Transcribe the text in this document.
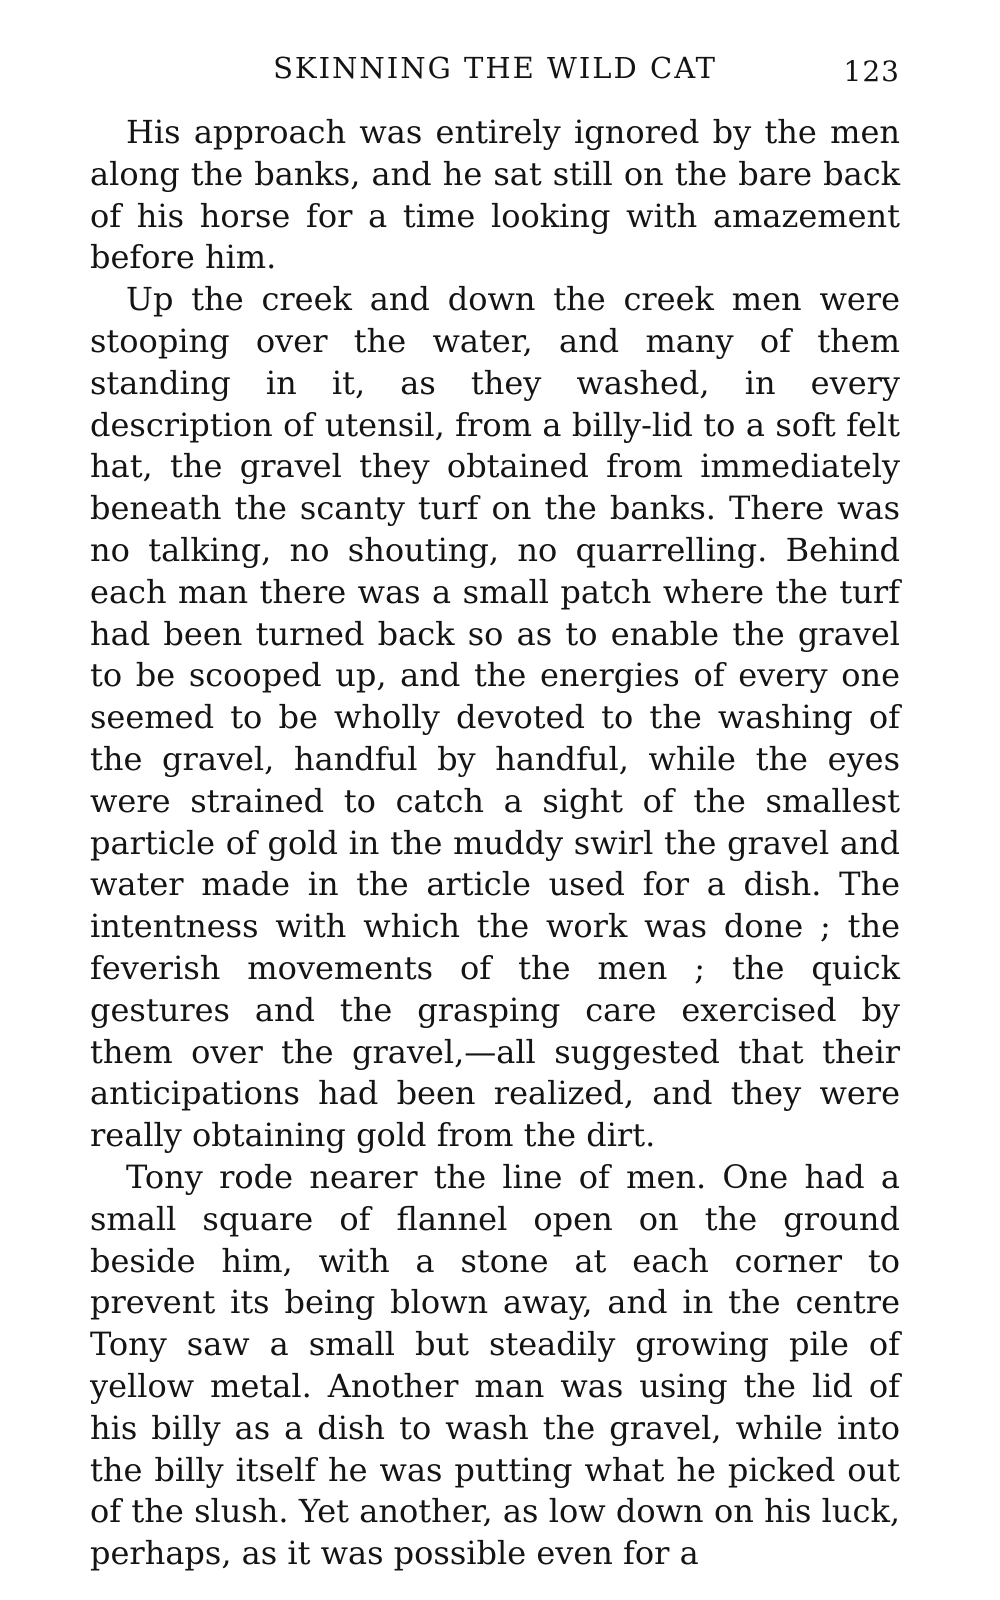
SKINNING THE WILD CAT	123

His approach was entirely ignored by the men along the banks, and he sat still on the bare back of his horse for a time looking with amazement before him.

Up the creek and down the creek men were stooping over the water, and many of them standing in it, as they washed, in every description of utensil, from a billy-lid to a soft felt hat, the gravel they obtained from immediately beneath the scanty turf on the banks. There was no talking, no shouting, no quarrelling. Behind each man there was a small patch where the turf had been turned back so as to enable the gravel to be scooped up, and the energies of every one seemed to be wholly devoted to the washing of the gravel, handful by handful, while the eyes were strained to catch a sight of the smallest particle of gold in the muddy swirl the gravel and water made in the article used for a dish. The intentness with which the work was done ; the feverish movements of the men ; the quick gestures and the grasping care exercised by them over the gravel,—all suggested that their anticipations had been realized, and they were really obtaining gold from the dirt.

Tony rode nearer the line of men. One had a small square of flannel open on the ground beside him, with a stone at each corner to prevent its being blown away, and in the centre Tony saw a small but steadily growing pile of yellow metal. Another man was using the lid of his billy as a dish to wash the gravel, while into the billy itself he was putting what he picked out of the slush. Yet another, as low down on his luck, perhaps, as it was possible even for a
